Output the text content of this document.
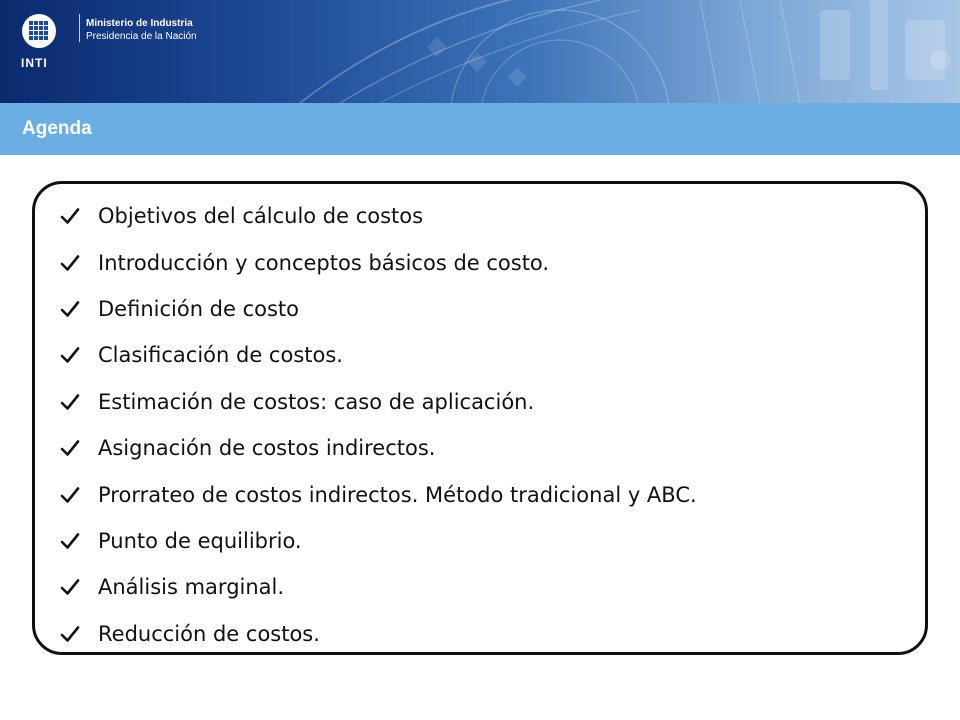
INTI
Ministerio de Industria
Presidencia de la Nación
Agenda
Objetivos del cálculo de costos
Introducción y conceptos básicos de costo.
Definición de costo
Clasificación de costos.
Estimación de costos: caso de aplicación.
Asignación de costos indirectos.
Prorrateo de costos indirectos. Método tradicional y ABC.
Punto de equilibrio.
Análisis marginal.
Reducción de costos.
